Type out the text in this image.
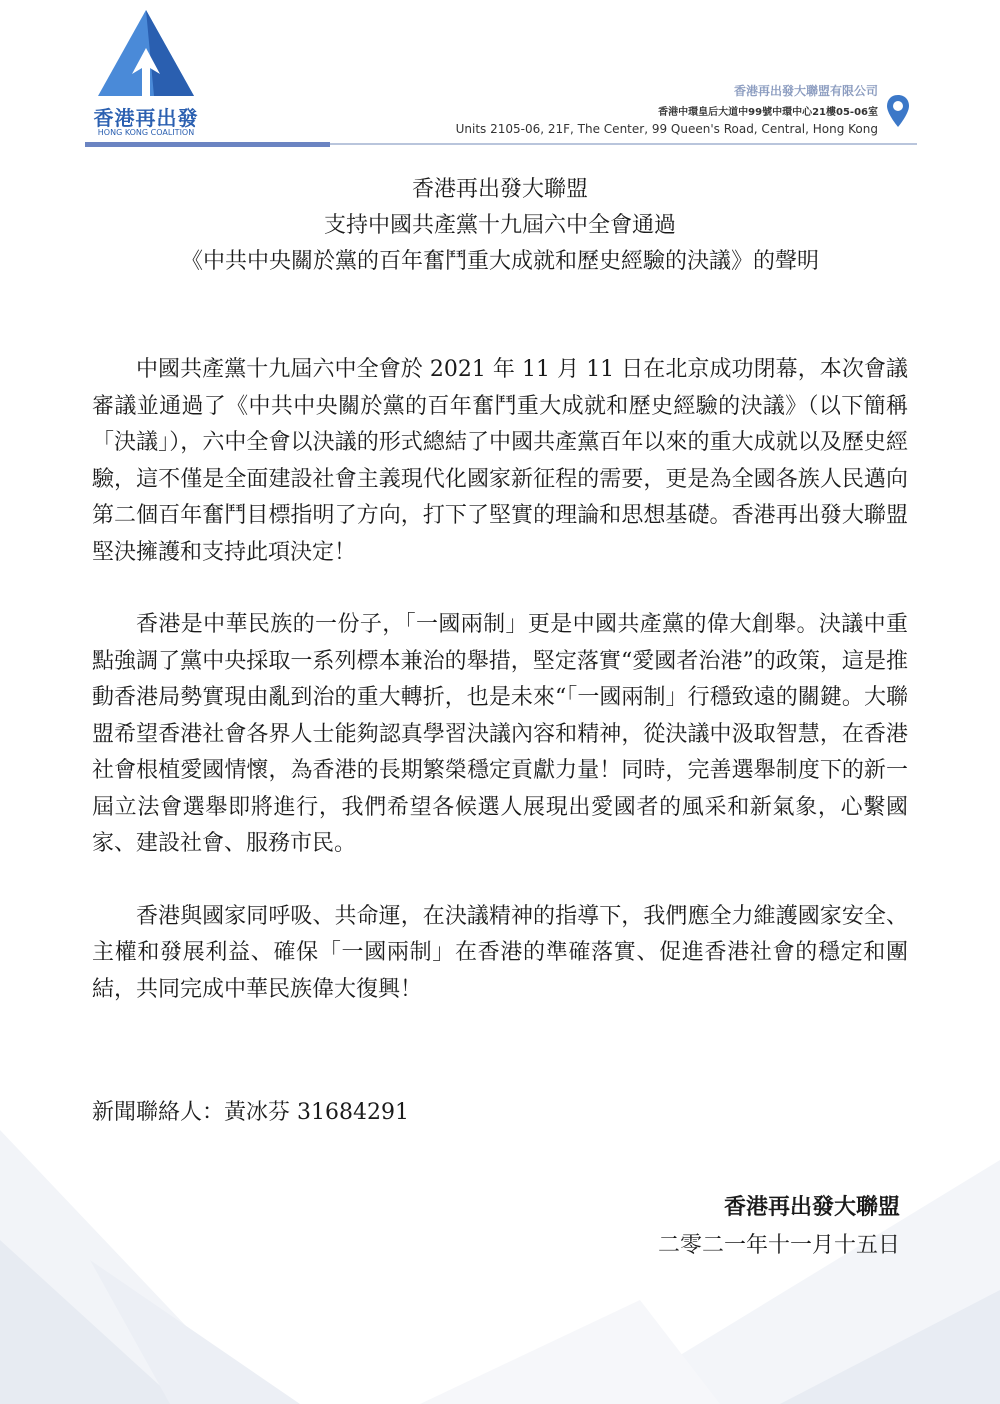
香港再出發
HONG KONG COALITION
香港再出發大聯盟有限公司
香港中環皇后大道中99號中環中心21樓05-06室
Units 2105-06, 21F, The Center, 99 Queen's Road, Central, Hong Kong
香港再出發大聯盟
支持中國共產黨十九屆六中全會通過
《中共中央關於黨的百年奮鬥重大成就和歷史經驗的決議》的聲明

中國共產黨十九屆六中全會於 2021 年 11 月 11 日在北京成功閉幕，本次會議審議並通過了《中共中央關於黨的百年奮鬥重大成就和歷史經驗的決議》（以下簡稱「決議」），六中全會以決議的形式總結了中國共產黨百年以來的重大成就以及歷史經驗，這不僅是全面建設社會主義現代化國家新征程的需要，更是為全國各族人民邁向第二個百年奮鬥目標指明了方向，打下了堅實的理論和思想基礎。香港再出發大聯盟堅決擁護和支持此項決定！

香港是中華民族的一份子，「一國兩制」更是中國共產黨的偉大創舉。決議中重點強調了黨中央採取一系列標本兼治的舉措，堅定落實“愛國者治港”的政策，這是推動香港局勢實現由亂到治的重大轉折，也是未來“「一國兩制」行穩致遠的關鍵。大聯盟希望香港社會各界人士能夠認真學習決議內容和精神，從決議中汲取智慧，在香港社會根植愛國情懷，為香港的長期繁榮穩定貢獻力量！同時，完善選舉制度下的新一屆立法會選舉即將進行，我們希望各候選人展現出愛國者的風采和新氣象，心繫國家、建設社會、服務市民。

香港與國家同呼吸、共命運，在決議精神的指導下，我們應全力維護國家安全、主權和發展利益、確保「一國兩制」在香港的準確落實、促進香港社會的穩定和團結，共同完成中華民族偉大復興！

新聞聯絡人：黃冰芬 31684291
香港再出發大聯盟
二零二一年十一月十五日
